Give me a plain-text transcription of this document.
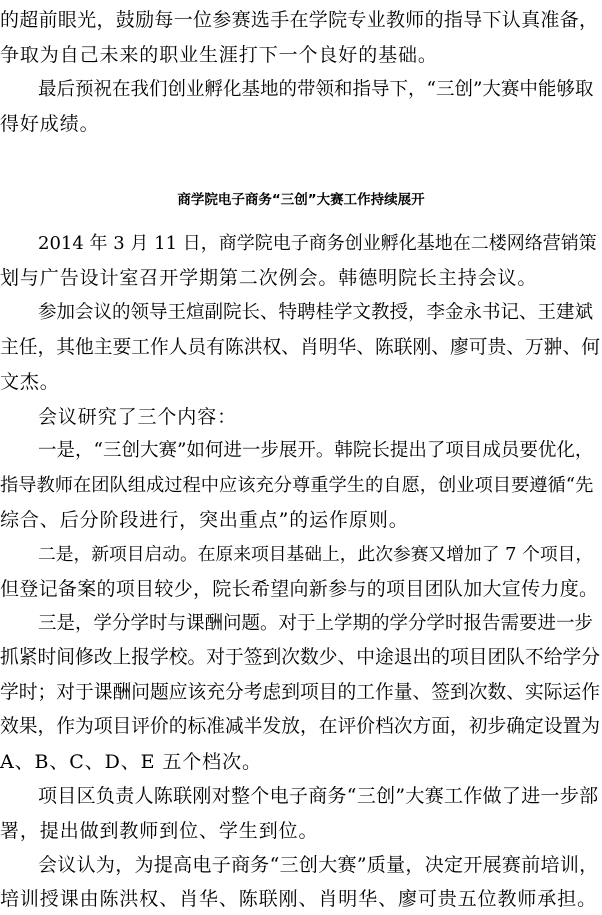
的超前眼光，鼓励每一位参赛选手在学院专业教师的指导下认真准备，
争取为自己未来的职业生涯打下一个良好的基础。
最后预祝在我们创业孵化基地的带领和指导下，“三创”大赛中能够取
得好成绩。
商学院电子商务“三创”大赛工作持续展开
2014 年 3 月 11 日，商学院电子商务创业孵化基地在二楼网络营销策
划与广告设计室召开学期第二次例会。韩德明院长主持会议。
参加会议的领导王煊副院长、特聘桂学文教授，李金永书记、王建斌
主任，其他主要工作人员有陈洪权、肖明华、陈联刚、廖可贵、万翀、何
文杰。
会议研究了三个内容：
一是，“三创大赛”如何进一步展开。韩院长提出了项目成员要优化，
指导教师在团队组成过程中应该充分尊重学生的自愿，创业项目要遵循“先
综合、后分阶段进行，突出重点”的运作原则。
二是，新项目启动。在原来项目基础上，此次参赛又增加了 7 个项目，
但登记备案的项目较少，院长希望向新参与的项目团队加大宣传力度。
三是，学分学时与课酬问题。对于上学期的学分学时报告需要进一步
抓紧时间修改上报学校。对于签到次数少、中途退出的项目团队不给学分
学时；对于课酬问题应该充分考虑到项目的工作量、签到次数、实际运作
效果，作为项目评价的标准减半发放，在评价档次方面，初步确定设置为
A、B、C、D、E 五个档次。
项目区负责人陈联刚对整个电子商务“三创”大赛工作做了进一步部
署，提出做到教师到位、学生到位。
会议认为，为提高电子商务“三创大赛”质量，决定开展赛前培训，
培训授课由陈洪权、肖华、陈联刚、肖明华、廖可贵五位教师承担。
